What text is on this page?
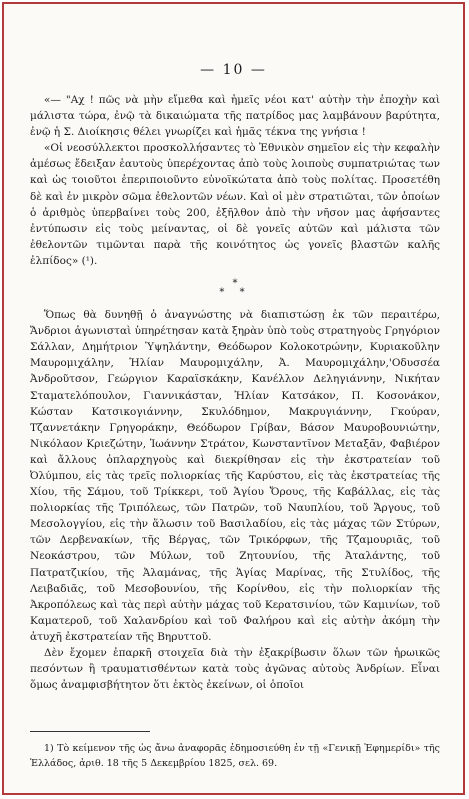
— 10 —

«— "Αχ ! πῶς νὰ μὴν εἴμεθα καὶ ἡμεῖς νέοι κατ' αὐτὴν τὴν ἐποχὴν καὶ μάλιστα τώρα, ἐνῷ τὰ δικαιώματα τῆς πατρίδος μας λαμβάνουν βαρύτητα, ἐνῷ ἡ Σ. Διοίκησις θέλει γνωρίζει καὶ ἡμᾶς τέκνα της γνήσια !

«Οἱ νεοσύλλεκτοι προσκολλήσαντες τὸ Ἐθνικὸν σημεῖον εἰς τὴν κεφαλὴν ἀμέσως ἔδειξαν ἑαυτοὺς ὑπερέχοντας ἀπὸ τοὺς λοιποὺς συμπατριώτας των καὶ ὡς τοιοῦτοι ἐπεριποιοῦντο εὐνοϊκώτατα ἀπὸ τοὺς πολίτας. Προσετέθη δὲ καὶ ἐν μικρὸν σῶμα ἐθελοντῶν νέων. Καὶ οἱ μὲν στρατιῶται, τῶν ὁποίων ὁ ἀριθμὸς ὑπερβαίνει τοὺς 200, ἐξῆλθον ἀπὸ τὴν νῆσον μας ἀφήσαντες ἐντύπωσιν εἰς τοὺς μείναντας, οἱ δὲ γονεῖς αὐτῶν καὶ μάλιστα τῶν ἐθελοντῶν τιμῶνται παρὰ τῆς κοινότητος ὡς γονεῖς βλαστῶν καλῆς ἐλπίδος» (¹).

*
* *

Ὅπως θὰ δυνηθῇ ὁ ἀναγνώστης νὰ διαπιστώσῃ ἐκ τῶν περαιτέρω, Ἄνδριοι ἀγωνισταὶ ὑπηρέτησαν κατὰ ξηρὰν ὑπὸ τοὺς στρατηγοὺς Γρηγόριον Σάλλαν, Δημήτριον Ὑψηλάντην, Θεόδωρον Κολοκοτρώνην, Κυριακοῦλην Μαυρομιχάλην, Ἠλίαν Μαυρομιχάλην, Ἀ. Μαυρομιχάλην,'Οδυσσέα Ἀνδροῦτσον, Γεώργιον Καραϊσκάκην, Κανέλλον Δεληγιάννην, Νικήταν Σταματελόπουλον, Γιαννικάσταν, Ἠλίαν Κατσάκον, Π. Κοσονάκον, Κώσταν Κατσικογιάννην, Σκυλόδημον, Μακρυγιάννην, Γκούραν, Τζαννετάκην Γρηγοράκην, Θεόδωρον Γρίβαν, Βάσον Μαυροβουνιώτην, Νικόλαον Κριεζώτην, Ἰωάννην Στράτον, Κωνσταντῖνον Μεταξᾶν, Φαβιέρον καὶ ἄλλους ὁπλαρχηγοὺς καὶ διεκρίθησαν εἰς τὴν ἐκστρατείαν τοῦ Ὀλύμπου, εἰς τὰς τρεῖς πολιορκίας τῆς Καρύστου, εἰς τὰς ἐκστρατείας τῆς Χίου, τῆς Σάμου, τοῦ Τρίκκερι, τοῦ Ἁγίου Ὄρους, τῆς Καβάλλας, εἰς τὰς πολιορκίας τῆς Τριπόλεως, τῶν Πατρῶν, τοῦ Ναυπλίου, τοῦ Ἄργους, τοῦ Μεσολογγίου, εἰς τὴν ἅλωσιν τοῦ Βασιλαδίου, εἰς τὰς μάχας τῶν Στύρων, τῶν Δερβενακίων, τῆς Βέργας, τῶν Τρικόρφων, τῆς Τζαμουριᾶς, τοῦ Νεοκάστρου, τῶν Μύλων, τοῦ Ζητουνίου, τῆς Ἀταλάντης, τοῦ Πατρατζικίου, τῆς Ἀλαμάνας, τῆς Ἁγίας Μαρίνας, τῆς Στυλίδος, τῆς Λειβαδιᾶς, τοῦ Μεσοβουνίου, τῆς Κορίνθου, εἰς τὴν πολιορκίαν τῆς Ἀκροπόλεως καὶ τὰς περὶ αὐτὴν μάχας τοῦ Κερατσινίου, τῶν Καμινίων, τοῦ Καματεροῦ, τοῦ Χαλανδρίου καὶ τοῦ Φαλήρου καὶ εἰς αὐτὴν ἀκόμη τὴν ἀτυχῆ ἐκστρατείαν τῆς Βηρυττοῦ.

Δὲν ἔχομεν ἐπαρκῆ στοιχεῖα διὰ τὴν ἐξακρίβωσιν ὅλων τῶν ἡρωικῶς πεσόντων ἢ τραυματισθέντων κατὰ τοὺς ἀγῶνας αὐτοὺς Ἀνδρίων. Εἶναι ὅμως ἀναμφισβήτητον ὅτι ἐκτὸς ἐκείνων, οἱ ὁποῖοι

1) Τὸ κείμενον τῆς ὡς ἄνω ἀναφορᾶς ἐδημοσιεύθη ἐν τῇ «Γενικῇ Ἐφημερίδι» τῆς Ἑλλάδος, ἀριθ. 18 τῆς 5 Δεκεμβρίου 1825, σελ. 69.
